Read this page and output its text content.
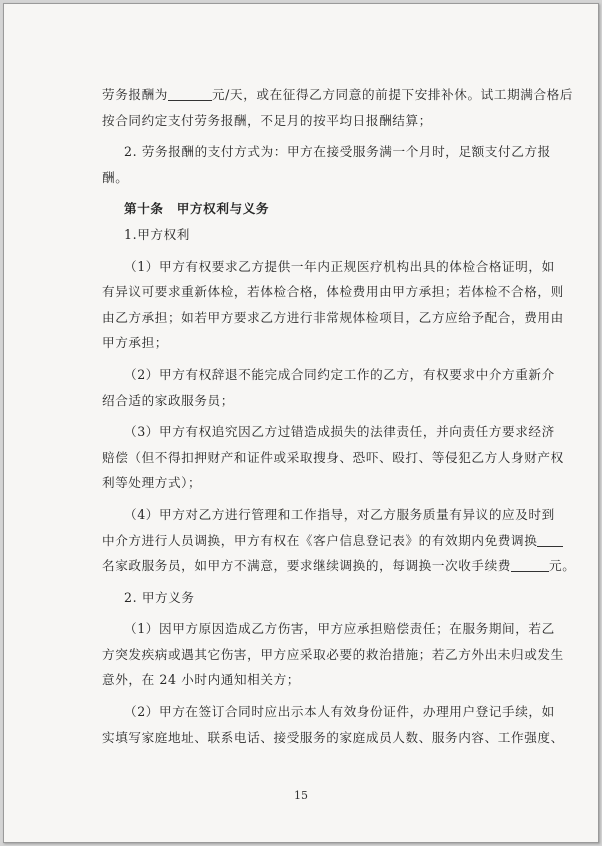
劳务报酬为	元/天，或在征得乙方同意的前提下安排补休。试工期满合格后
按合同约定支付劳务报酬，不足月的按平均日报酬结算；
2. 劳务报酬的支付方式为：甲方在接受服务满一个月时，足额支付乙方报
酬。
第十条　甲方权利与义务
1.甲方权利
（1）甲方有权要求乙方提供一年内正规医疗机构出具的体检合格证明，如
有异议可要求重新体检，若体检合格，体检费用由甲方承担；若体检不合格，则
由乙方承担；如若甲方要求乙方进行非常规体检项目，乙方应给予配合，费用由
甲方承担；
（2）甲方有权辞退不能完成合同约定工作的乙方，有权要求中介方重新介
绍合适的家政服务员；
（3）甲方有权追究因乙方过错造成损失的法律责任，并向责任方要求经济
赔偿（但不得扣押财产和证件或采取搜身、恐吓、殴打、等侵犯乙方人身财产权
利等处理方式）；
（4）甲方对乙方进行管理和工作指导，对乙方服务质量有异议的应及时到
中介方进行人员调换，甲方有权在《客户信息登记表》的有效期内免费调换
名家政服务员，如甲方不满意，要求继续调换的，每调换一次收手续费	元。
2. 甲方义务
（1）因甲方原因造成乙方伤害，甲方应承担赔偿责任；在服务期间，若乙
方突发疾病或遇其它伤害，甲方应采取必要的救治措施；若乙方外出未归或发生
意外，在 24 小时内通知相关方；
（2）甲方在签订合同时应出示本人有效身份证件，办理用户登记手续，如
实填写家庭地址、联系电话、接受服务的家庭成员人数、服务内容、工作强度、
15
